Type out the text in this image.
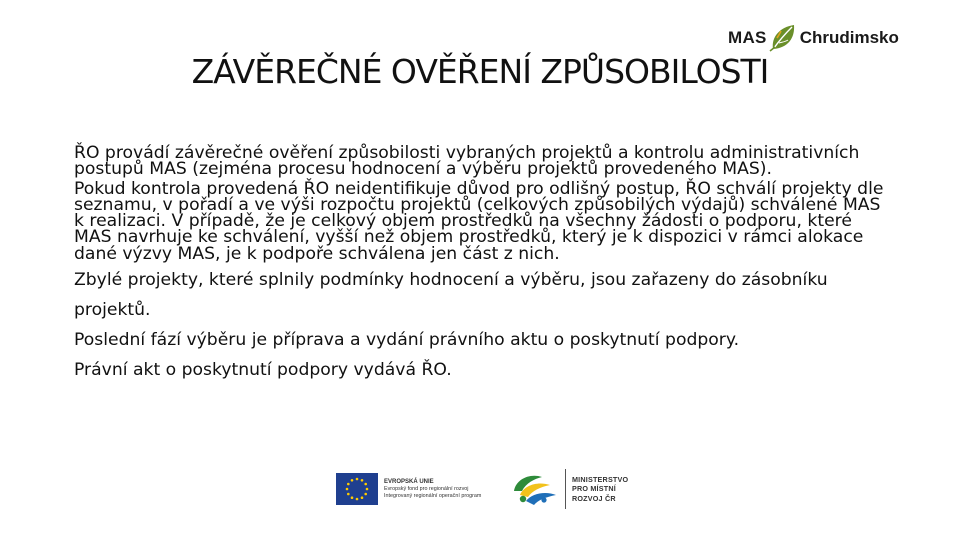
MAS Chrudimsko
ZÁVĚREČNÉ OVĚŘENÍ ZPŮSOBILOSTI

ŘO provádí závěrečné ověření způsobilosti vybraných projektů a kontrolu administrativních postupů MAS (zejména procesu hodnocení a výběru projektů provedeného MAS).

Pokud kontrola provedená ŘO neidentifikuje důvod pro odlišný postup, ŘO schválí projekty dle seznamu, v pořadí a ve výši rozpočtu projektů (celkových způsobilých výdajů) schválené MAS k realizaci. V případě, že je celkový objem prostředků na všechny žádosti o podporu, které MAS navrhuje ke schválení, vyšší než objem prostředků, který je k dispozici v rámci alokace dané výzvy MAS, je k podpoře schválena jen část z nich.

Zbylé projekty, které splnily podmínky hodnocení a výběru, jsou zařazeny do zásobníku projektů.

Poslední fází výběru je příprava a vydání právního aktu o poskytnutí podpory.

Právní akt o poskytnutí podpory vydává ŘO.

EVROPSKÁ UNIE
Evropský fond pro regionální rozvoj
Integrovaný regionální operační program
MINISTERSTVO
PRO MÍSTNÍ
ROZVOJ ČR
